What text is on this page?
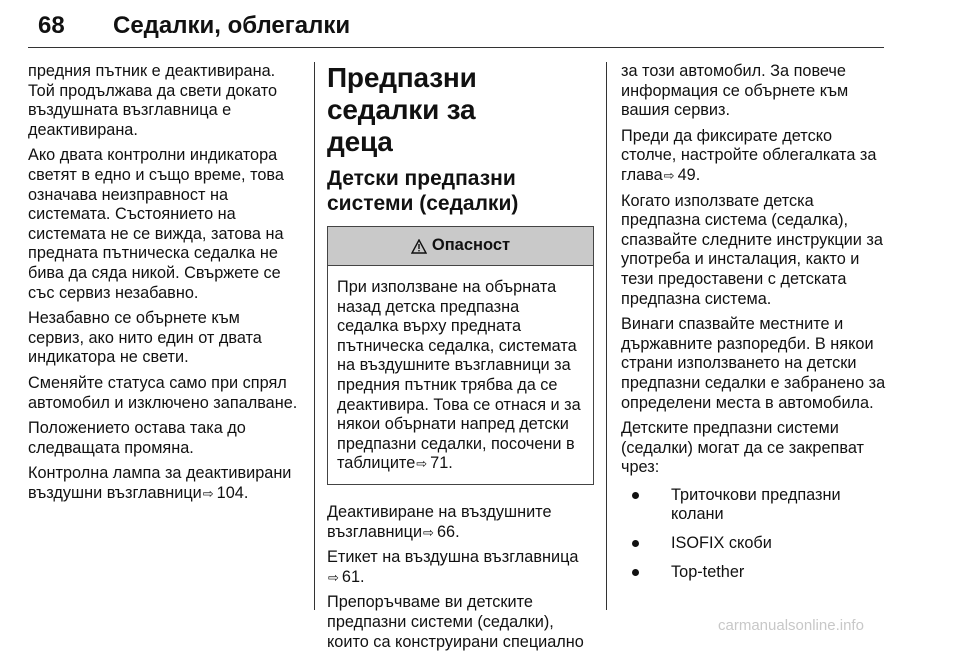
68 Седалки, облегалки

предния пътник е деактивирана.
Той продължава да свети докато
въздушната възглавница е
деактивирана.

Ако двата контролни индикатора
светят в едно и също време, това
означава неизправност на
системата. Състоянието на
системата не се вижда, затова на
предната пътническа седалка не
бива да сяда никой. Свържете се
със сервиз незабавно.

Незабавно се обърнете към
сервиз, ако нито един от двата
индикатора не свети.

Сменяйте статуса само при спрял
автомобил и изключено запалване.

Положението остава така до
следващата промяна.

Контролна лампа за деактивирани
въздушни възглавници⇨ 104.

Предпазни седалки за
деца
Детски предпазни
системи (седалки)
Опасност
При използване на обърната
назад детска предпазна
седалка върху предната
пътническа седалка, системата
на въздушните възглавници за
предния пътник трябва да се
деактивира. Това се отнася и за
някои обърнати напред детски
предпазни седалки, посочени в
таблиците⇨ 71.

Деактивиране на въздушните
възглавници⇨ 66.

Етикет на въздушна възглавница
⇨ 61.

Препоръчваме ви детските
предпазни системи (седалки),
които са конструирани специално

за този автомобил. За повече
информация се обърнете към
вашия сервиз.

Преди да фиксирате детско
столче, настройте облегалката за
глава⇨ 49.

Когато използвате детска
предпазна система (седалка),
спазвайте следните инструкции за
употреба и инсталация, както и
тези предоставени с детската
предпазна система.

Винаги спазвайте местните и
държавните разпоредби. В някои
страни използването на детски
предпазни седалки е забранено за
определени места в автомобила.

Детските предпазни системи
(седалки) могат да се закрепват
чрез:

Триточкови предпазни колани
ISOFIX скоби
Top-tether
carmanualsonline.info
